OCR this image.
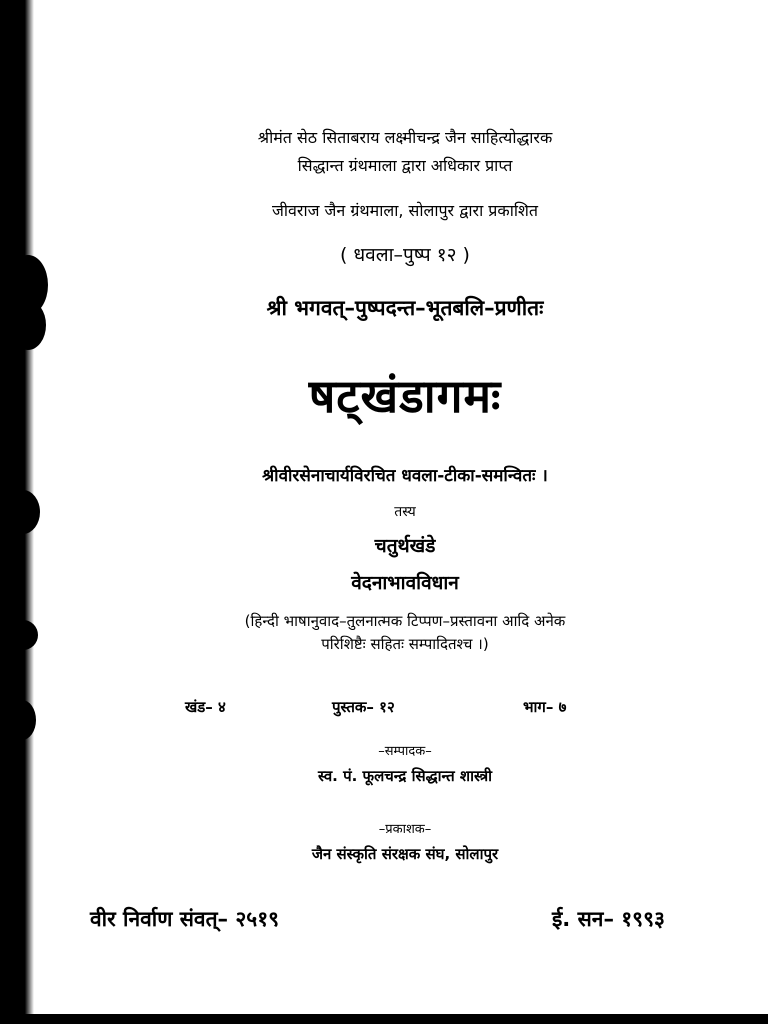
श्रीमंत सेठ सिताबराय लक्ष्मीचन्द्र जैन साहित्योद्धारक
सिद्धान्त ग्रंथमाला द्वारा अधिकार प्राप्त
जीवराज जैन ग्रंथमाला, सोलापुर द्वारा प्रकाशित
( धवला–पुष्प १२ )
श्री भगवत्–पुष्पदन्त–भूतबलि–प्रणीतः
षट्खंडागमः
श्रीवीरसेनाचार्यविरचित धवला-टीका-समन्वितः ।
तस्य
चतुर्थखंडे
वेदनाभावविधान
(हिन्दी भाषानुवाद–तुलनात्मक टिप्पण–प्रस्तावना आदि अनेक
परिशिष्टैः सहितः सम्पादितश्च ।)
खंड– ४	पुस्तक– १२	भाग– ७
–सम्पादक–
स्व. पं. फूलचन्द्र सिद्धान्त शास्त्री
–प्रकाशक–
जैन संस्कृति संरक्षक संघ, सोलापुर
वीर निर्वाण संवत्– २५१९	ई. सन– १९९३
